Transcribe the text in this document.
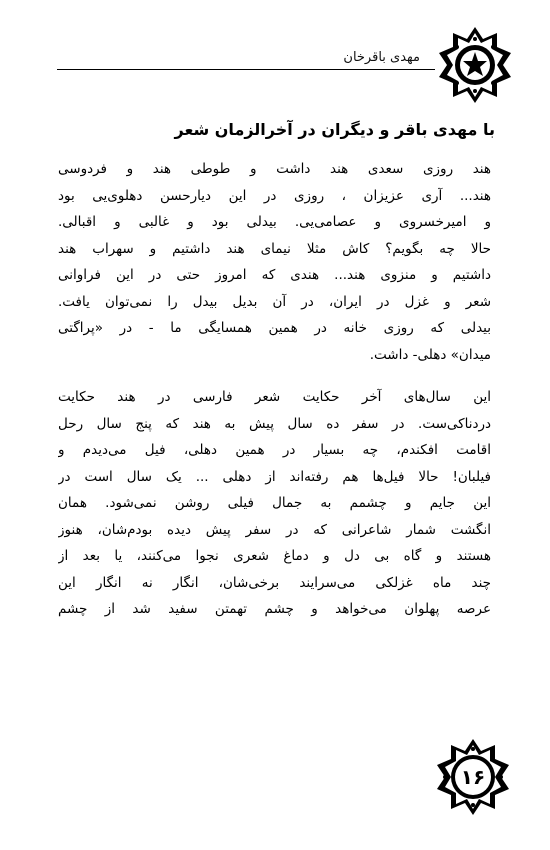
مهدی باقرخان
با مهدی باقر و دیگران در آخرالزمان شعر
هند روزی سعدی هند داشت و طوطی هند و فردوسی
هند... آری عزیزان ، روزی در این دیارحسن دهلوی‌یی بود
و امیرخسروی و عصامی‌یی. بیدلی بود و غالبی و اقبالی.
حالا چه بگویم؟ کاش مثلا نیمای هند داشتیم و سهراب هند
داشتیم و منزوی هند... هندی که امروز حتی در این فراوانی
شعر و غزل در ایران، در آن بدیل بیدل را نمی‌توان یافت.
بیدلی که روزی خانه در همین همسایگی ما - در «پراگتی
میدان» دهلی- داشت.
این سال‌های آخر حکایت شعر فارسی در هند حکایت
دردناکی‌ست. در سفر ده سال پیش به هند که پنج سال رحل
اقامت افکندم، چه بسیار در همین دهلی، فیل می‌دیدم و
فیلبان! حالا فیل‌ها هم رفته‌اند از دهلی ... یک سال است در
این جایم و چشمم به جمال فیلی روشن نمی‌شود. همان
انگشت شمار شاعرانی که در سفر پیش دیده بودم‌شان، هنوز
هستند و گاه بی دل و دماغ شعری نجوا می‌کنند، یا بعد از
چند ماه غزلکی می‌سرایند برخی‌شان، انگار نه انگار این
عرصه پهلوان می‌خواهد و چشم تهمتن سفید شد از چشم
۱۶
